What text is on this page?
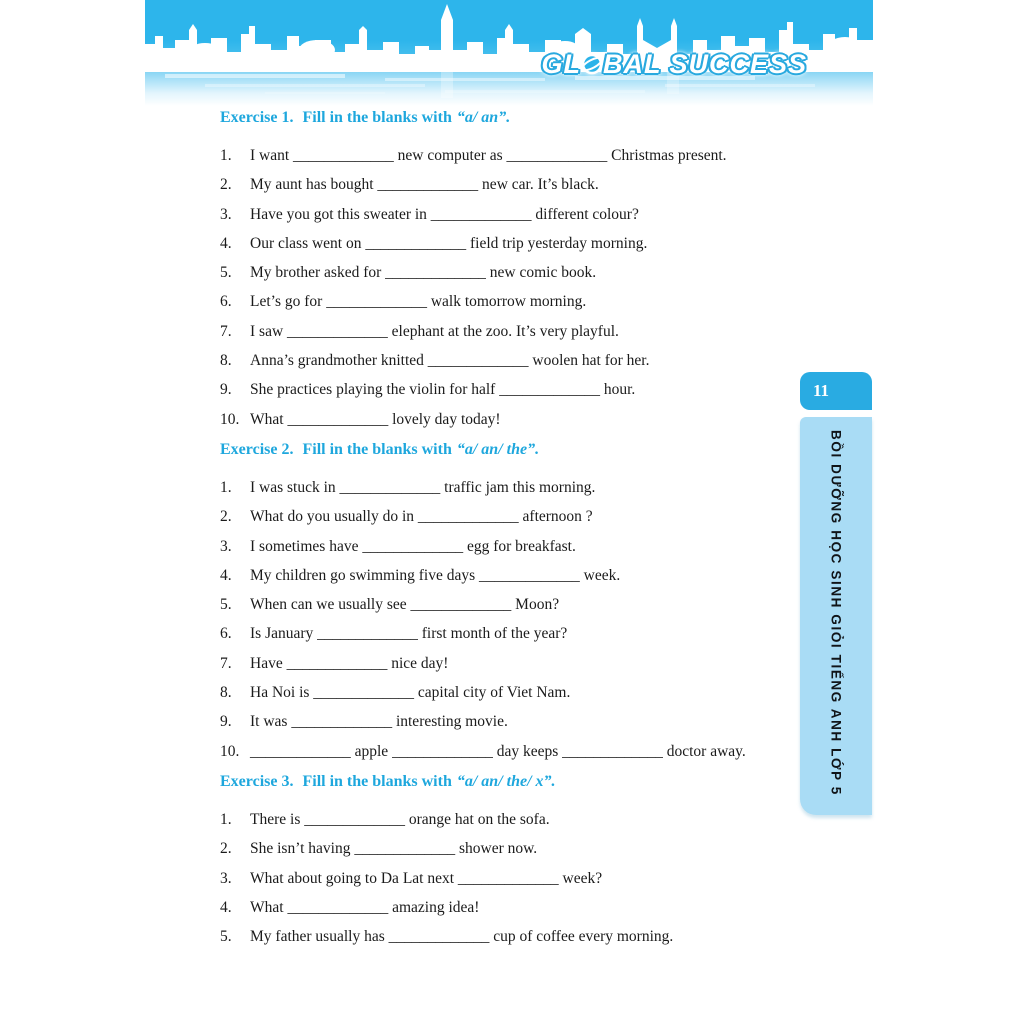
GL BAL SUCCESS
11
BỒI DƯỠNG HỌC SINH GIỎI TIẾNG ANH LỚP 5
Exercise 1. Fill in the blanks with “a/ an”.
1.	I want _____________ new computer as _____________ Christmas present.
2.	My aunt has bought _____________ new car. It’s black.
3.	Have you got this sweater in _____________ different colour?
4.	Our class went on _____________ field trip yesterday morning.
5.	My brother asked for _____________ new comic book.
6.	Let’s go for _____________ walk tomorrow morning.
7.	I saw _____________ elephant at the zoo. It’s very playful.
8.	Anna’s grandmother knitted _____________ woolen hat for her.
9.	She practices playing the violin for half _____________ hour.
10. What _____________ lovely day today!
Exercise 2. Fill in the blanks with “a/ an/ the”.
1.	I was stuck in _____________ traffic jam this morning.
2.	What do you usually do in _____________ afternoon ?
3.	I sometimes have _____________ egg for breakfast.
4.	My children go swimming five days _____________ week.
5.	When can we usually see _____________ Moon?
6.	Is January _____________ first month of the year?
7.	Have _____________ nice day!
8.	Ha Noi is _____________ capital city of Viet Nam.
9.	It was _____________ interesting movie.
10. _____________ apple _____________ day keeps _____________ doctor away.
Exercise 3. Fill in the blanks with “a/ an/ the/ x”.
1.	There is _____________ orange hat on the sofa.
2.	She isn’t having _____________ shower now.
3.	What about going to Da Lat next _____________ week?
4.	What _____________ amazing idea!
5.	My father usually has _____________ cup of coffee every morning.
